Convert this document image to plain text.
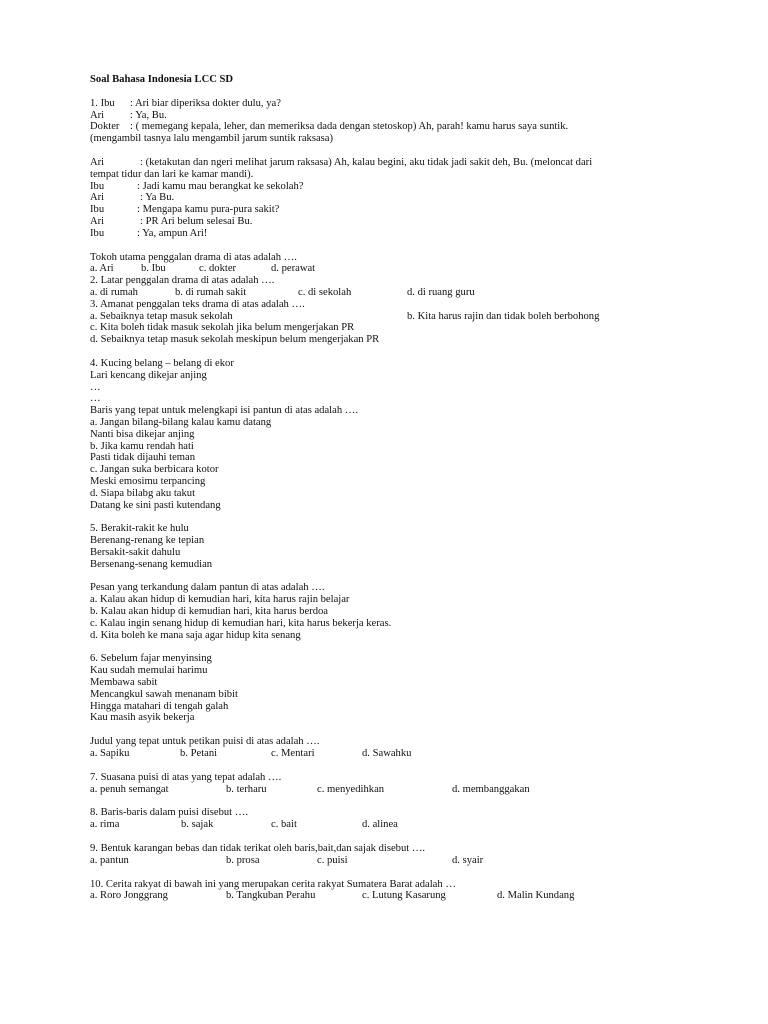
Soal Bahasa Indonesia LCC SD
1. Ibu : Ari biar diperiksa dokter dulu, ya?
Ari : Ya, Bu.
Dokter : ( memegang kepala, leher, dan memeriksa dada dengan stetoskop) Ah, parah! kamu harus saya suntik.
(mengambil tasnya lalu mengambil jarum suntik raksasa)
Ari	: (ketakutan dan ngeri melihat jarum raksasa) Ah, kalau begini, aku tidak jadi sakit deh, Bu. (meloncat dari
tempat tidur dan lari ke kamar mandi).
Ibu	: Jadi kamu mau berangkat ke sekolah?
Ari	: Ya Bu.
Ibu	: Mengapa kamu pura-pura sakit?
Ari	: PR Ari belum selesai Bu.
Ibu	: Ya, ampun Ari!
Tokoh utama penggalan drama di atas adalah ….
a. Ari	b. Ibu	c. dokter	d. perawat
2. Latar penggalan drama di atas adalah ….
a. di rumah	b. di rumah sakit	c. di sekolah	d. di ruang guru
3. Amanat penggalan teks drama di atas adalah ….
a. Sebaiknya tetap masuk sekolah	b. Kita harus rajin dan tidak boleh berbohong
c. Kita boleh tidak masuk sekolah jika belum mengerjakan PR
d. Sebaiknya tetap masuk sekolah meskipun belum mengerjakan PR
4. Kucing belang – belang di ekor
Lari kencang dikejar anjing
…
…
Baris yang tepat untuk melengkapi isi pantun di atas adalah ….
a. Jangan bilang-bilang kalau kamu datang
Nanti bisa dikejar anjing
b. Jika kamu rendah hati
Pasti tidak dijauhi teman
c. Jangan suka berbicara kotor
Meski emosimu terpancing
d. Siapa bilabg aku takut
Datang ke sini pasti kutendang
5. Berakit-rakit ke hulu
Berenang-renang ke tepian
Bersakit-sakit dahulu
Bersenang-senang kemudian
Pesan yang terkandung dalam pantun di atas adalah ….
a. Kalau akan hidup di kemudian hari, kita harus rajin belajar
b. Kalau akan hidup di kemudian hari, kita harus berdoa
c. Kalau ingin senang hidup di kemudian hari, kita harus bekerja keras.
d. Kita boleh ke mana saja agar hidup kita senang
6. Sebelum fajar menyinsing
Kau sudah memulai harimu
Membawa sabit
Mencangkul sawah menanam bibit
Hingga matahari di tengah galah
Kau masih asyik bekerja
Judul yang tepat untuk petikan puisi di atas adalah ….
a. Sapiku	b. Petani	c. Mentari	d. Sawahku
7. Suasana puisi di atas yang tepat adalah ….
a. penuh semangat	b. terharu	c. menyedihkan	d. membanggakan
8. Baris-baris dalam puisi disebut ….
a. rima	b. sajak	c. bait	d. alinea
9. Bentuk karangan bebas dan tidak terikat oleh baris,bait,dan sajak disebut ….
a. pantun	b. prosa	c. puisi	d. syair
10. Cerita rakyat di bawah ini yang merupakan cerita rakyat Sumatera Barat adalah …
a. Roro Jonggrang	b. Tangkuban Perahu	c. Lutung Kasarung	d. Malin Kundang
